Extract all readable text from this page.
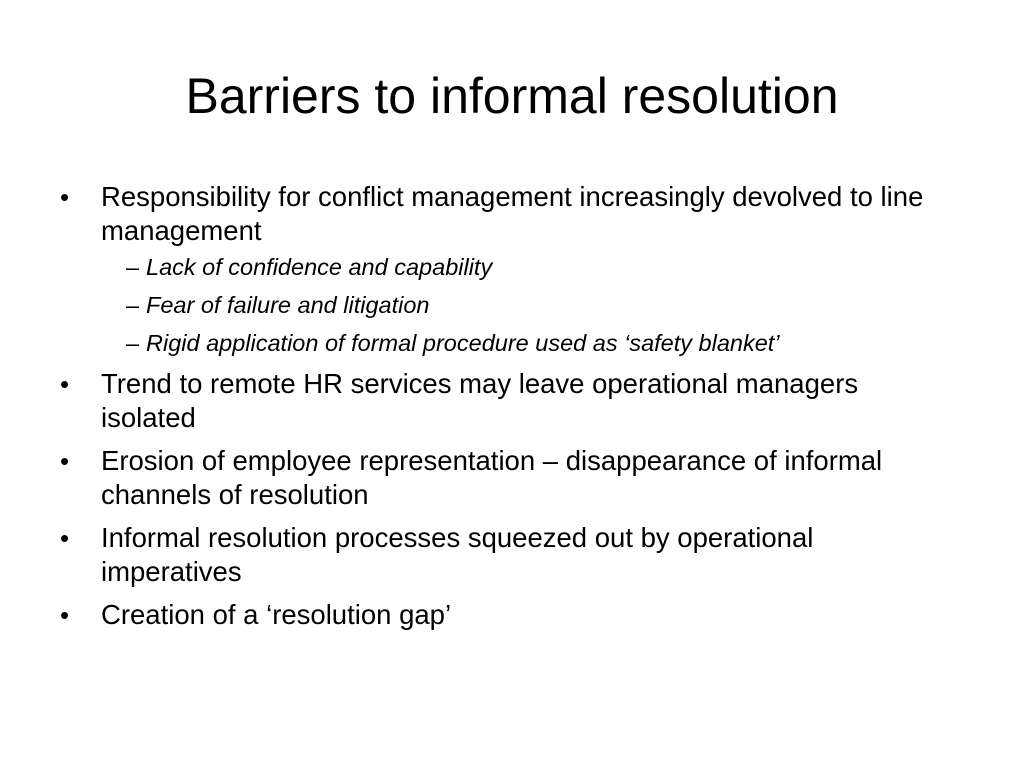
Barriers to informal resolution
• Responsibility for conflict management increasingly devolved to line management
– Lack of confidence and capability
– Fear of failure and litigation
– Rigid application of formal procedure used as ‘safety blanket’
• Trend to remote HR services may leave operational managers isolated
• Erosion of employee representation – disappearance of informal channels of resolution
• Informal resolution processes squeezed out by operational imperatives
• Creation of a ‘resolution gap’
